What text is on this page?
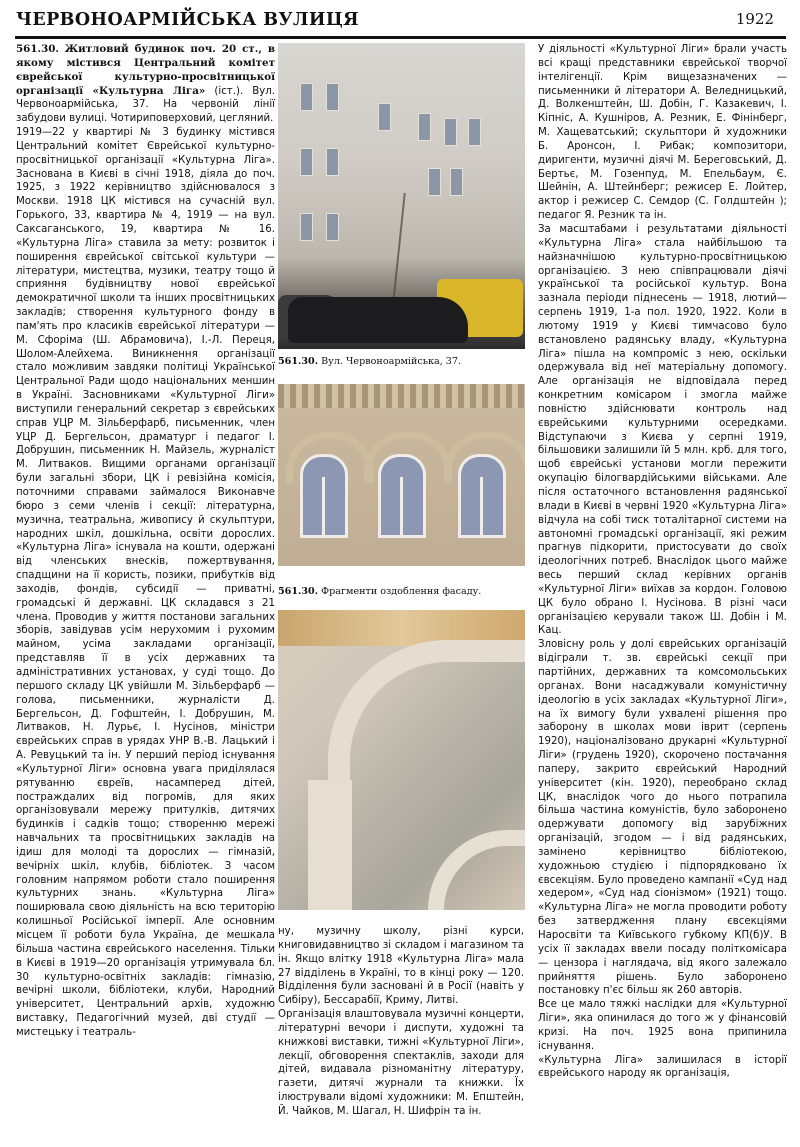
ЧЕРВОНОАРМІЙСЬКА ВУЛИЦЯ	1922

561.30. Житловий будинок поч. 20 ст., в якому містився Центральний комітет єврейської культурно-просвітницької організації «Культурна Ліга» (іст.). Вул. Червоноармійська, 37. На червоній лінії забудови вулиці. Чотириповерховий, цегляний.

1919—22 у квартирі № 3 будинку містився Центральний комітет Єврейської культурно-просвітницької організації «Культурна Ліга». Заснована в Києві в січні 1918, діяла до поч. 1925, з 1922 керівництво здійснювалося з Москви. 1918 ЦК містився на сучасній вул. Горького, 33, квартира № 4, 1919 — на вул. Саксаганського, 19, квартира № 16. «Культурна Ліга» ставила за мету: розвиток і поширення єврейської світської культури — літератури, мистецтва, музики, театру тощо й сприяння будівництву нової єврейської демократичної школи та інших просвітницьких закладів; створення культурного фонду в пам'ять про класиків єврейської літератури — М. Сфоріма (Ш. Абрамовича), І.-Л. Переця, Шолом-Алейхема. Виникнення організації стало можливим завдяки політиці Української Центральної Ради щодо національних меншин в Україні. Засновниками «Культурної Ліги» виступили генеральний секретар з єврейських справ УЦР М. Зільберфарб, письменник, член УЦР Д. Бергельсон, драматург і педагог І. Добрушин, письменник Н. Майзель, журналіст М. Литваков. Вищими органами організації були загальні збори, ЦК і ревізійна комісія, поточними справами займалося Виконавче бюро з семи членів і секції: літературна, музична, театральна, живопису й скульптури, народних шкіл, дошкільна, освіти дорослих. «Культурна Ліга» існувала на кошти, одержані від членських внесків, пожертвування, спадщини на її користь, позики, прибутків від заходів, фондів, субсидії — приватні, громадські й державні. ЦК складався з 21 члена. Проводив у життя постанови загальних зборів, завідував усім нерухомим і рухомим майном, усіма закладами організації, представляв її в усіх державних та адміністративних установах, у суді тощо. До першого складу ЦК увійшли М. Зільберфарб — голова, письменники, журналісти Д. Бергельсон, Д. Гофштейн, І. Добрушин, М. Литваков, Н. Лурьє, І. Нусінов, міністри єврейських справ в урядах УНР В.-В. Лацький і А. Ревуцький та ін. У перший період існування «Культурної Ліги» основна увага приділялася рятуванню євреїв, насамперед дітей, постраждалих від погромів, для яких організовували мережу притулків, дитячих будинків і садків тощо; створенню мережі навчальних та просвітницьких закладів на ідиш для молоді та дорослих — гімназій, вечірніх шкіл, клубів, бібліотек. З часом головним напрямом роботи стало поширення культурних знань. «Культурна Ліга» поширювала свою діяльність на всю територію колишньої Російської імперії. Але основним місцем її роботи була Україна, де мешкала більша частина єврейського населення. Тільки в Києві в 1919—20 організація утримувала бл. 30 культурно-освітніх закладів: гімназію, вечірні школи, бібліотеки, клуби, Народний університет, Центральний архів, художню виставку, Педагогічний музей, дві студії — мистецьку і театраль-

561.30. Вул. Червоноармійська, 37.
561.30. Фрагменти оздоблення фасаду.

ну, музичну школу, різні курси, книговидавництво зі складом і магазином та ін. Якщо влітку 1918 «Культурна Ліга» мала 27 відділень в Україні, то в кінці року — 120. Відділення були засновані й в Росії (навіть у Сибіру), Бессарабії, Криму, Литві.

Організація влаштовувала музичні концерти, літературні вечори і диспути, художні та книжкові виставки, тижні «Культурної Ліги», лекції, обговорення спектаклів, заходи для дітей, видавала різноманітну літературу, газети, дитячі журнали та книжки. Їх ілюстрували відомі художники: М. Епштейн, Й. Чайков, М. Шагал, Н. Шифрін та ін.

У діяльності «Культурної Ліги» брали участь всі кращі представники єврейської творчої інтелігенції. Крім вищезазначених — письменники й літератори А. Веледницький, Д. Волкенштейн, Ш. Добін, Г. Казакевич, І. Кіпніс, А. Кушніров, А. Резник, Е. Фінінберг, М. Хащеватський; скульптори й художники Б. Аронсон, І. Рибак; композитори, диригенти, музичні діячі М. Береговський, Д. Бертьє, М. Гозенпуд, М. Епельбаум, Є. Шейнін, А. Штейнберг; режисер Е. Лойтер, актор і режисер С. Семдор (С. Голдштейн ); педагог Я. Резник та ін.

За масштабами і результатами діяльності «Культурна Ліга» стала найбільшою та найзначнішою культурно-просвітницькою організацією. З нею співпрацювали діячі української та російської культур. Вона зазнала періоди піднесень — 1918, лютий—серпень 1919, 1-а пол. 1920, 1922. Коли в лютому 1919 у Києві тимчасово було встановлено радянську владу, «Культурна Ліга» пішла на компроміс з нею, оскільки одержувала від неї матеріальну допомогу. Але організація не відповідала перед конкретним комісаром і змогла майже повністю здійснювати контроль над єврейськими культурними осередками. Відступаючи з Києва у серпні 1919, більшовики залишили їй 5 млн. крб. для того, щоб єврейські установи могли пережити окупацію білогвардійськими військами. Але після остаточного встановлення радянської влади в Києві в червні 1920 «Культурна Ліга» відчула на собі тиск тоталітарної системи на автономні громадські організації, які режим прагнув підкорити, пристосувати до своїх ідеологічних потреб. Внаслідок цього майже весь перший склад керівних органів «Культурної Ліги» виїхав за кордон. Головою ЦК було обрано І. Нусінова. В різні часи організацією керували також Ш. Добін і М. Кац.

Зловісну роль у долі єврейських організацій відіграли т. зв. єврейські секції при партійних, державних та комсомольських органах. Вони насаджували комуністичну ідеологію в усіх закладах «Культурної Ліги», на їх вимогу були ухвалені рішення про заборону в школах мови іврит (серпень 1920), націоналізовано друкарні «Культурної Ліги» (грудень 1920), скорочено постачання паперу, закрито єврейський Народний університет (кін. 1920), переобрано склад ЦК, внаслідок чого до нього потрапила більша частина комуністів, було заборонено одержувати допомогу від зарубіжних організацій, згодом — і від радянських, замінено керівництво бібліотекою, художньою студією і підпорядковано їх євсекціям. Було проведено кампанії «Суд над хедером», «Суд над сіонізмом» (1921) тощо. «Культурна Ліга» не могла проводити роботу без затвердження плану євсекціями Наросвіти та Київського губкому КП(б)У. В усіх її закладах ввели посаду політкомісара — цензора і наглядача, від якого залежало прийняття рішень. Було заборонено постановку п'єс більш як 260 авторів.

Все це мало тяжкі наслідки для «Культурної Ліги», яка опинилася до того ж у фінансовій кризі. На поч. 1925 вона припинила існування.

«Культурна Ліга» залишилася в історії єврейського народу як організація,
